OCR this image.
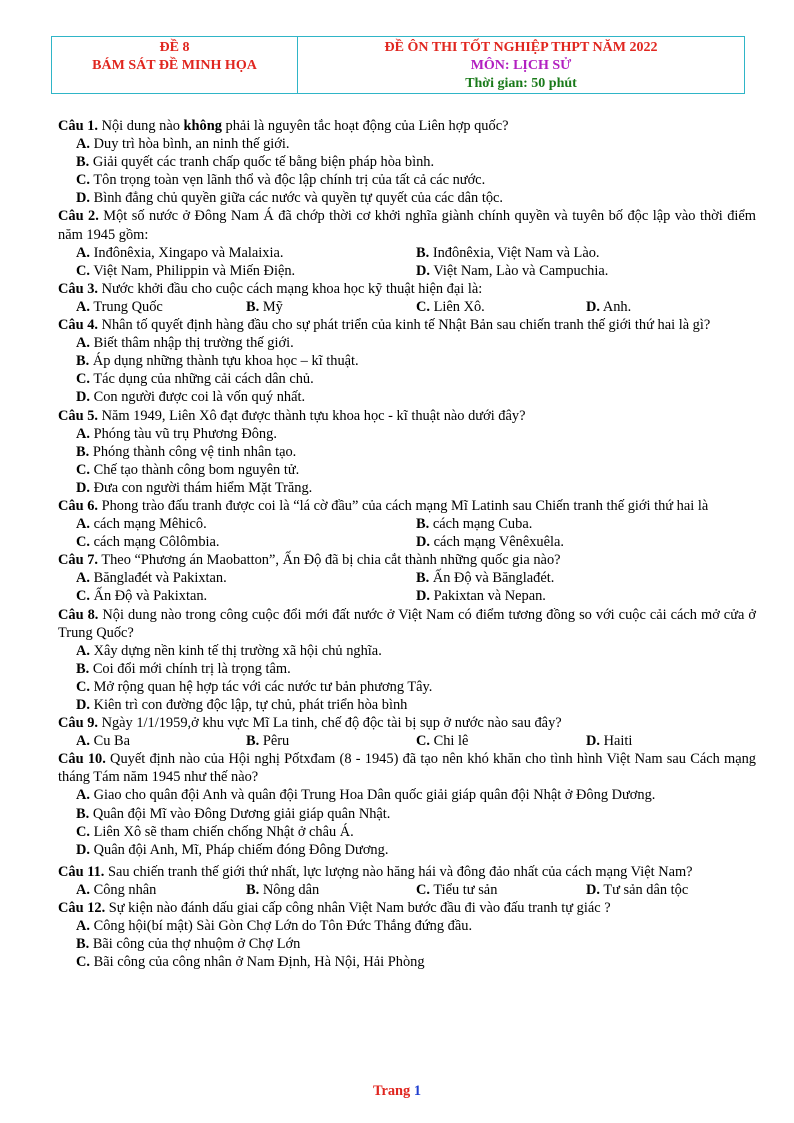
ĐỀ 8
BÁM SÁT ĐỀ MINH HỌA
ĐỀ ÔN THI TỐT NGHIỆP THPT NĂM 2022
MÔN: LỊCH SỬ
Thời gian: 50 phút

Câu 1. Nội dung nào không phải là nguyên tắc hoạt động của Liên hợp quốc?

A. Duy trì hòa bình, an ninh thế giới.
B. Giải quyết các tranh chấp quốc tế bằng biện pháp hòa bình.
C. Tôn trọng toàn vẹn lãnh thổ và độc lập chính trị của tất cả các nước.
D. Bình đẳng chủ quyền giữa các nước và quyền tự quyết của các dân tộc.

Câu 2. Một số nước ở Đông Nam Á đã chớp thời cơ khởi nghĩa giành chính quyền và tuyên bố độc lập vào thời điểm năm 1945 gồm:

A. Inđônêxia, Xingapo và Malaixia.	B. Inđônêxia, Việt Nam và Lào.
C. Việt Nam, Philippin và Miến Điện.	D. Việt Nam, Lào và Campuchia.

Câu 3. Nước khởi đầu cho cuộc cách mạng khoa học kỹ thuật hiện đại là:

A. Trung Quốc	B. Mỹ	C. Liên Xô.	D. Anh.

Câu 4. Nhân tố quyết định hàng đầu cho sự phát triển của kinh tế Nhật Bản sau chiến tranh thế giới thứ hai là gì?

A. Biết thâm nhập thị trường thế giới.
B. Áp dụng những thành tựu khoa học – kĩ thuật.
C. Tác dụng của những cải cách dân chủ.
D. Con người được coi là vốn quý nhất.

Câu 5. Năm 1949, Liên Xô đạt được thành tựu khoa học - kĩ thuật nào dưới đây?

A. Phóng tàu vũ trụ Phương Đông.
B. Phóng thành công vệ tinh nhân tạo.
C. Chế tạo thành công bom nguyên tử.
D. Đưa con người thám hiểm Mặt Trăng.

Câu 6. Phong trào đấu tranh được coi là “lá cờ đầu” của cách mạng Mĩ Latinh sau Chiến tranh thế giới thứ hai là

A. cách mạng Mêhicô.	B. cách mạng Cuba.
C. cách mạng Côlômbia.	D. cách mạng Vênêxuêla.

Câu 7. Theo “Phương án Maobatton”, Ấn Độ đã bị chia cắt thành những quốc gia nào?

A. Bănglađét và Pakixtan.	B. Ấn Độ và Bănglađét.
C. Ấn Độ và Pakixtan.	D. Pakixtan và Nepan.

Câu 8. Nội dung nào trong công cuộc đổi mới đất nước ở Việt Nam có điểm tương đồng so với cuộc cải cách mở cửa ở Trung Quốc?

A. Xây dựng nền kinh tế thị trường xã hội chủ nghĩa.
B. Coi đổi mới chính trị là trọng tâm.
C. Mở rộng quan hệ hợp tác với các nước tư bản phương Tây.
D. Kiên trì con đường độc lập, tự chủ, phát triển hòa bình

Câu 9. Ngày 1/1/1959,ở khu vực Mĩ La tinh, chế độ độc tài bị sụp ở nước nào sau đây?

A. Cu Ba	B. Pêru	C. Chi lê	D. Haiti

Câu 10. Quyết định nào của Hội nghị Pốtxđam (8 - 1945) đã tạo nên khó khăn cho tình hình Việt Nam sau Cách mạng tháng Tám năm 1945 như thế nào?

A. Giao cho quân đội Anh và quân đội Trung Hoa Dân quốc giải giáp quân đội Nhật ở Đông Dương.
B. Quân đội Mĩ vào Đông Dương giải giáp quân Nhật.
C. Liên Xô sẽ tham chiến chống Nhật ở châu Á.
D. Quân đội Anh, Mĩ, Pháp chiếm đóng Đông Dương.

Câu 11. Sau chiến tranh thế giới thứ nhất, lực lượng nào hăng hái và đông đảo nhất của cách mạng Việt Nam?

A. Công nhân	B. Nông dân	C. Tiểu tư sản	D. Tư sản dân tộc

Câu 12. Sự kiện nào đánh dấu giai cấp công nhân Việt Nam bước đầu đi vào đấu tranh tự giác ?

A. Công hội(bí mật) Sài Gòn Chợ Lớn do Tôn Đức Thắng đứng đầu.
B. Bãi công của thợ nhuộm ở Chợ Lớn
C. Bãi công của công nhân ở Nam Định, Hà Nội, Hải Phòng
Trang 1
